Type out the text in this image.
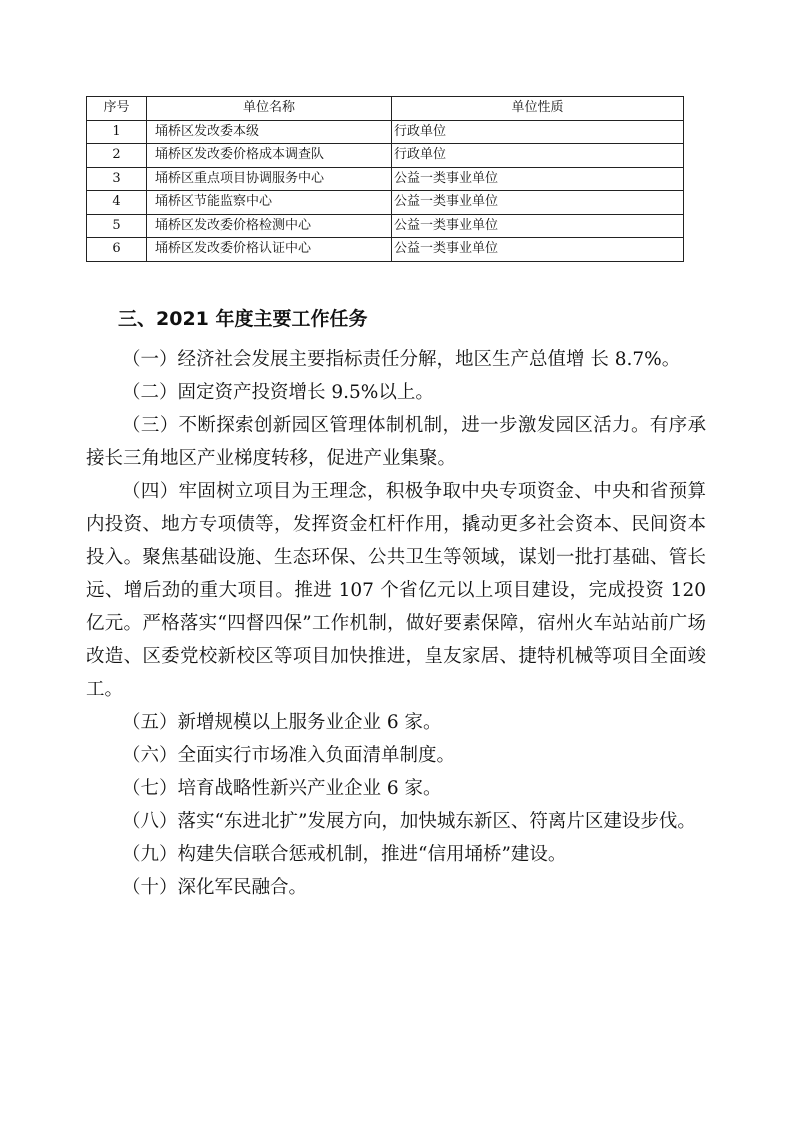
序号	单位名称	单位性质
1	埇桥区发改委本级	行政单位
2	埇桥区发改委价格成本调查队	行政单位
3	埇桥区重点项目协调服务中心	公益一类事业单位
4	埇桥区节能监察中心	公益一类事业单位
5	埇桥区发改委价格检测中心	公益一类事业单位
6	埇桥区发改委价格认证中心	公益一类事业单位
三、2021 年度主要工作任务

（一）经济社会发展主要指标责任分解，地区生产总值增 长 8.7%。

（二）固定资产投资增长 9.5%以上。

（三）不断探索创新园区管理体制机制，进一步激发园区活力。有序承接长三角地区产业梯度转移，促进产业集聚。

（四）牢固树立项目为王理念，积极争取中央专项资金、中央和省预算内投资、地方专项债等，发挥资金杠杆作用，撬动更多社会资本、民间资本投入。聚焦基础设施、生态环保、公共卫生等领域，谋划一批打基础、管长远、增后劲的重大项目。推进 107 个省亿元以上项目建设，完成投资 120 亿元。严格落实“四督四保”工作机制，做好要素保障，宿州火车站站前广场改造、区委党校新校区等项目加快推进，皇友家居、捷特机械等项目全面竣工。

（五）新增规模以上服务业企业 6 家。

（六）全面实行市场准入负面清单制度。

（七）培育战略性新兴产业企业 6 家。

（八）落实“东进北扩”发展方向，加快城东新区、符离片区建设步伐。

（九）构建失信联合惩戒机制，推进“信用埇桥”建设。

（十）深化军民融合。
